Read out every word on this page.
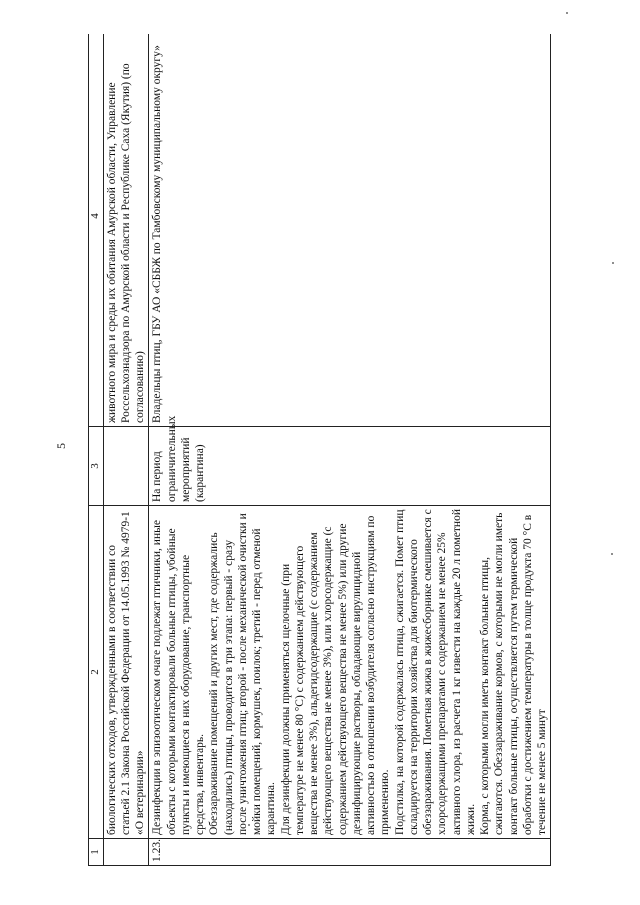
5
1	2	3	4

	биологических отходов, утвержденными в соответствии со статьей 2.1 Закона Российской Федерации от 14.05.1993 № 4979-1 «О ветеринарии»		животного мира и среды их обитания Амурской области, Управление Россельхознадзора по Амурской области и Республике Саха (Якутия) (по согласованию)
1.23.	Дезинфекции в эпизоотическом очаге подлежат птичники, иные объекты с которыми контактировали больные птицы, убойные пункты и имеющиеся в них оборудование, транспортные средства, инвентарь. Обеззараживание помещений и других мест, где содержались (находились) птицы, проводится в три этапа: первый - сразу после уничтожения птиц; второй - после механической очистки и мойки помещений, кормушек, поилок; третий - перед отменой карантина. Для дезинфекции должны применяться щелочные (при температуре не менее 80 °С) с содержанием действующего вещества не менее 3%), альдегидсодержащие (с содержанием действующего вещества не менее 3%), или хлорсодержащие (с содержанием действующего вещества не менее 5%) или другие дезинфицирующие растворы, обладающие вирулицидной активностью в отношении возбудителя согласно инструкциям по применению. Подстилка, на которой содержалась птица, сжигается. Помет птиц складируется на территории хозяйства для биотермического обеззараживания. Пометная жижа в жижесборнике смешивается с хлорсодержащими препаратами с содержанием не менее 25% активного хлора, из расчета 1 кг извести на каждые 20 л пометной жижи. Корма, с которыми могли иметь контакт больные птицы, сжигаются. Обеззараживание кормов, с которыми не могли иметь контакт больные птицы, осуществляется путем термической обработки с достижением температуры в толще продукта 70 °С в течение не менее 5 минут	На период ограничительных мероприятий (карантина)	Владельцы птиц, ГБУ АО «СББЖ по Тамбовскому муниципальному округу»
